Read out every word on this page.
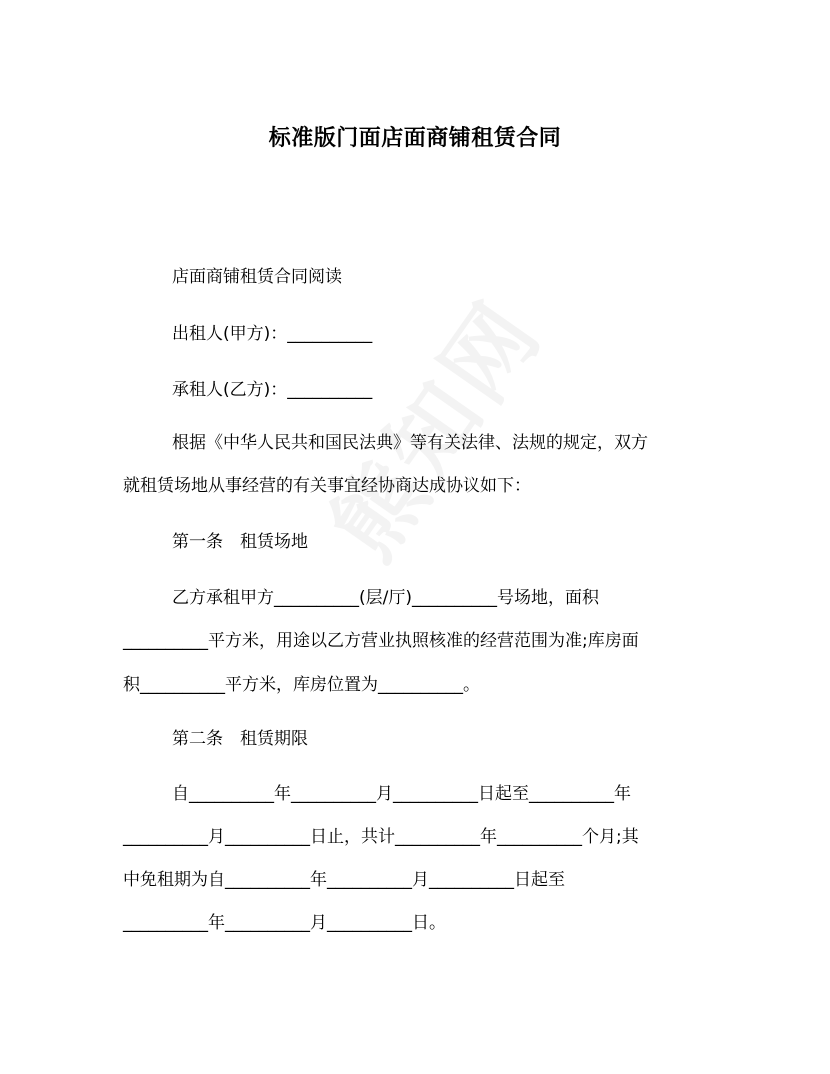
标准版门面店面商铺租赁合同
店面商铺租赁合同阅读
出租人(甲方)：__________
承租人(乙方)：__________
根据《中华人民共和国民法典》等有关法律、法规的规定，双方
就租赁场地从事经营的有关事宜经协商达成协议如下：
第一条　租赁场地
乙方承租甲方__________(层/厅)__________号场地，面积
__________平方米，用途以乙方营业执照核准的经营范围为准;库房面
积__________平方米，库房位置为__________。
第二条　租赁期限
自__________年__________月__________日起至__________年
__________月__________日止，共计__________年__________个月;其
中免租期为自__________年__________月__________日起至
__________年__________月__________日。
